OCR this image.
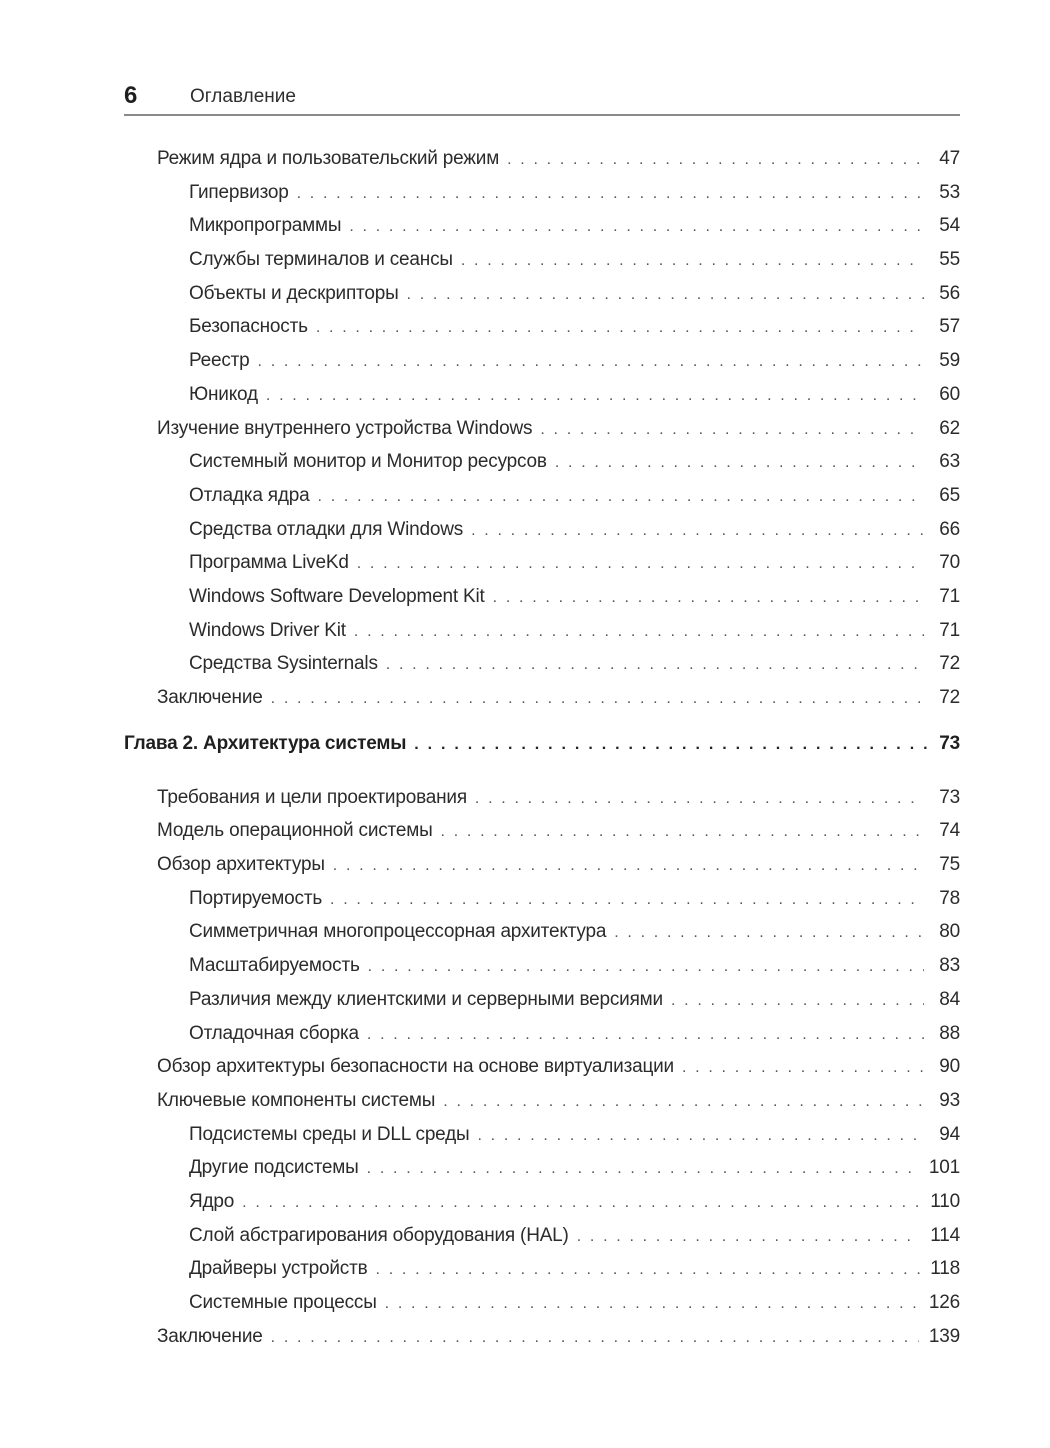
6	Оглавление
Режим ядра и пользовательский режим . . .	47
Гипервизор . . .	53
Микропрограммы . . .	54
Службы терминалов и сеансы . . .	55
Объекты и дескрипторы . . .	56
Безопасность . . .	57
Реестр . . .	59
Юникод . . .	60
Изучение внутреннего устройства Windows . . .	62
Системный монитор и Монитор ресурсов . . .	63
Отладка ядра . . .	65
Средства отладки для Windows . . .	66
Программа LiveKd . . .	70
Windows Software Development Kit . . .	71
Windows Driver Kit . . .	71
Средства Sysinternals . . .	72
Заключение . . .	72
Глава 2. Архитектура системы . . .	73
Требования и цели проектирования . . .	73
Модель операционной системы . . .	74
Обзор архитектуры . . .	75
Портируемость . . .	78
Симметричная многопроцессорная архитектура . . .	80
Масштабируемость . . .	83
Различия между клиентскими и серверными версиями . . .	84
Отладочная сборка . . .	88
Обзор архитектуры безопасности на основе виртуализации . . .	90
Ключевые компоненты системы . . .	93
Подсистемы среды и DLL среды . . .	94
Другие подсистемы . . .	101
Ядро . . .	110
Слой абстрагирования оборудования (HAL) . . .	114
Драйверы устройств . . .	118
Системные процессы . . .	126
Заключение . . .	139
